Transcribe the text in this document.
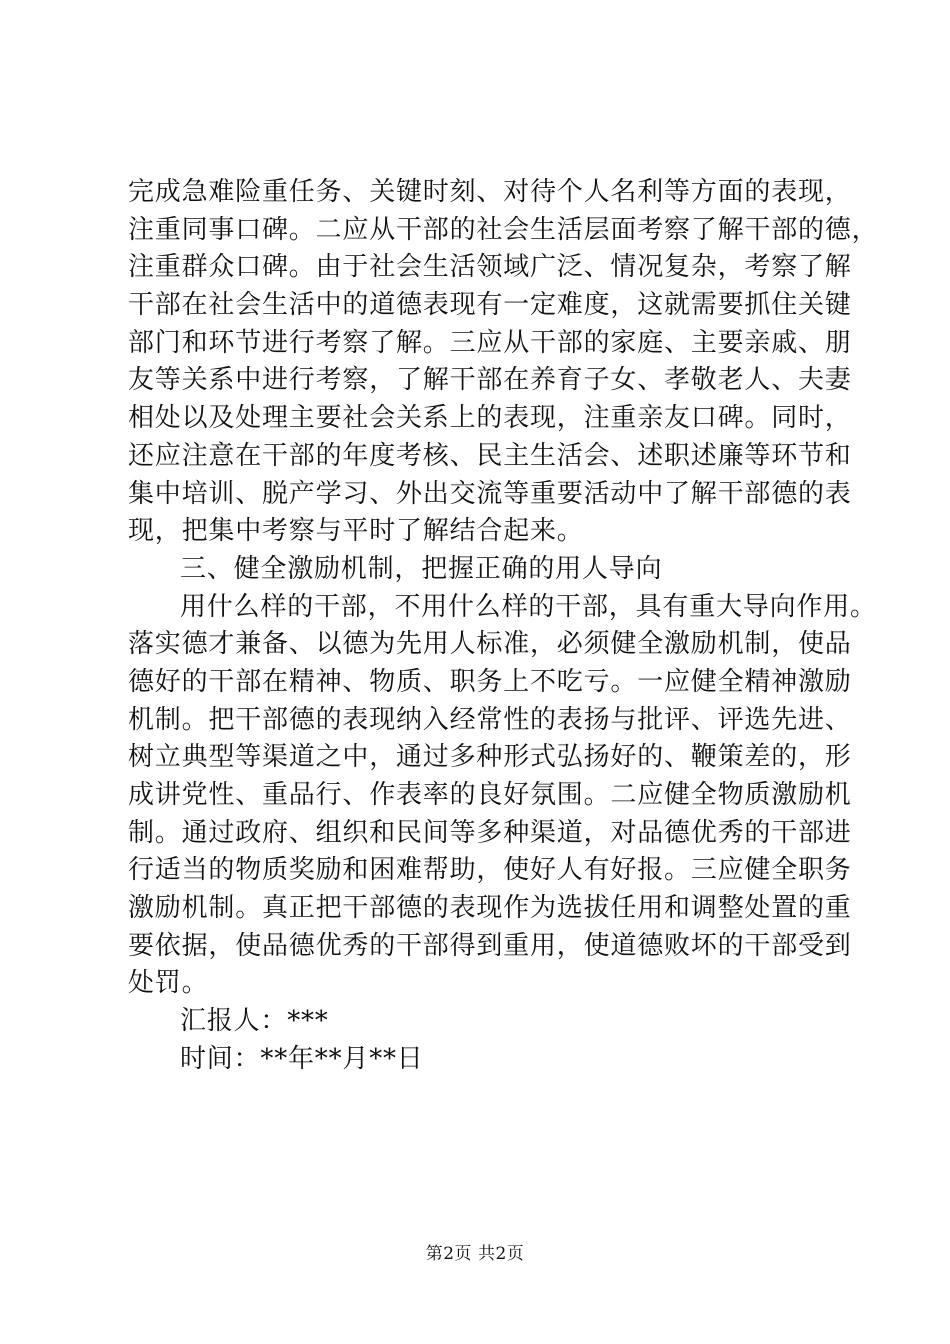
完成急难险重任务、关键时刻、对待个人名利等方面的表现，
注重同事口碑。二应从干部的社会生活层面考察了解干部的德，
注重群众口碑。由于社会生活领域广泛、情况复杂，考察了解
干部在社会生活中的道德表现有一定难度，这就需要抓住关键
部门和环节进行考察了解。三应从干部的家庭、主要亲戚、朋
友等关系中进行考察，了解干部在养育子女、孝敬老人、夫妻
相处以及处理主要社会关系上的表现，注重亲友口碑。同时，
还应注意在干部的年度考核、民主生活会、述职述廉等环节和
集中培训、脱产学习、外出交流等重要活动中了解干部德的表
现，把集中考察与平时了解结合起来。
三、健全激励机制，把握正确的用人导向
用什么样的干部，不用什么样的干部，具有重大导向作用。
落实德才兼备、以德为先用人标准，必须健全激励机制，使品
德好的干部在精神、物质、职务上不吃亏。一应健全精神激励
机制。把干部德的表现纳入经常性的表扬与批评、评选先进、
树立典型等渠道之中，通过多种形式弘扬好的、鞭策差的，形
成讲党性、重品行、作表率的良好氛围。二应健全物质激励机
制。通过政府、组织和民间等多种渠道，对品德优秀的干部进
行适当的物质奖励和困难帮助，使好人有好报。三应健全职务
激励机制。真正把干部德的表现作为选拔任用和调整处置的重
要依据，使品德优秀的干部得到重用，使道德败坏的干部受到
处罚。
汇报人：***
时间：**年**月**日
第2页 共2页
